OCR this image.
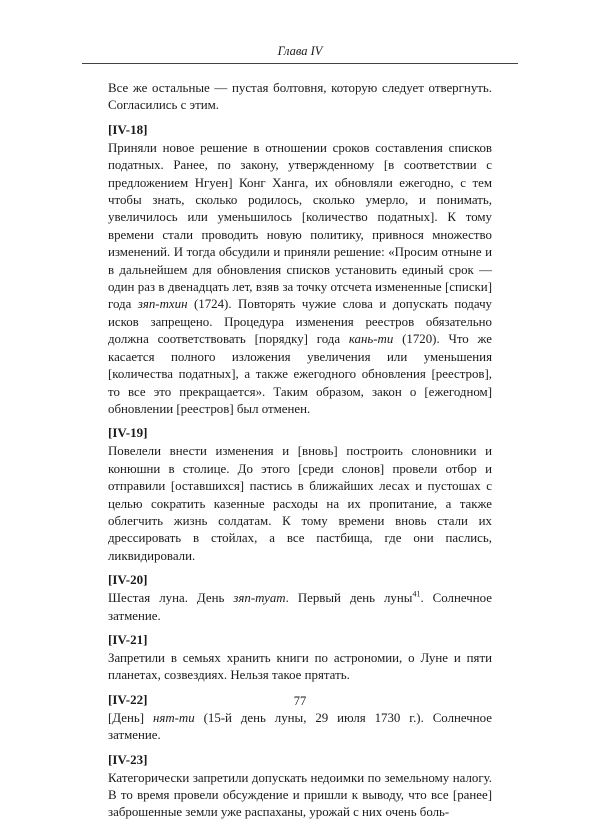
Глава IV

Все же остальные — пустая болтовня, которую следует отвергнуть. Согласились с этим.

[IV-18]

Приняли новое решение в отношении сроков составления списков податных. Ранее, по закону, утвержденному [в соответствии с предложением Нгуен] Конг Ханга, их обновляли ежегодно, с тем чтобы знать, сколько родилось, сколько умерло, и понимать, увеличилось или уменьшилось [количество податных]. К тому времени стали проводить новую политику, привнося множество изменений. И тогда обсудили и приняли решение: «Просим отныне и в дальнейшем для обновления списков установить единый срок — один раз в двенадцать лет, взяв за точку отсчета измененные [списки] года зяп-тхин (1724). Повторять чужие слова и допускать подачу исков запрещено. Процедура изменения реестров обязательно должна соответствовать [порядку] года кань-ти (1720). Что же касается полного изложения увеличения или уменьшения [количества податных], а также ежегодного обновления [реестров], то все это прекращается». Таким образом, закон о [ежегодном] обновлении [реестров] был отменен.

[IV-19]

Повелели внести изменения и [вновь] построить слоновники и конюшни в столице. До этого [среди слонов] провели отбор и отправили [оставшихся] пастись в ближайших лесах и пустошах с целью сократить казенные расходы на их пропитание, а также облегчить жизнь солдатам. К тому времени вновь стали их дрессировать в стойлах, а все пастбища, где они паслись, ликвидировали.

[IV-20]

Шестая луна. День зяп-туат. Первый день луны$^{41}$. Солнечное затмение.

[IV-21]

Запретили в семьях хранить книги по астрономии, о Луне и пяти планетах, созвездиях. Нельзя такое прятать.

[IV-22]

[День] нят-ти (15-й день луны, 29 июля 1730 г.). Солнечное затмение.

[IV-23]

Категорически запретили допускать недоимки по земельному налогу. В то время провели обсуждение и пришли к выводу, что все [ранее] заброшенные земли уже распаханы, урожай с них очень боль-

77
